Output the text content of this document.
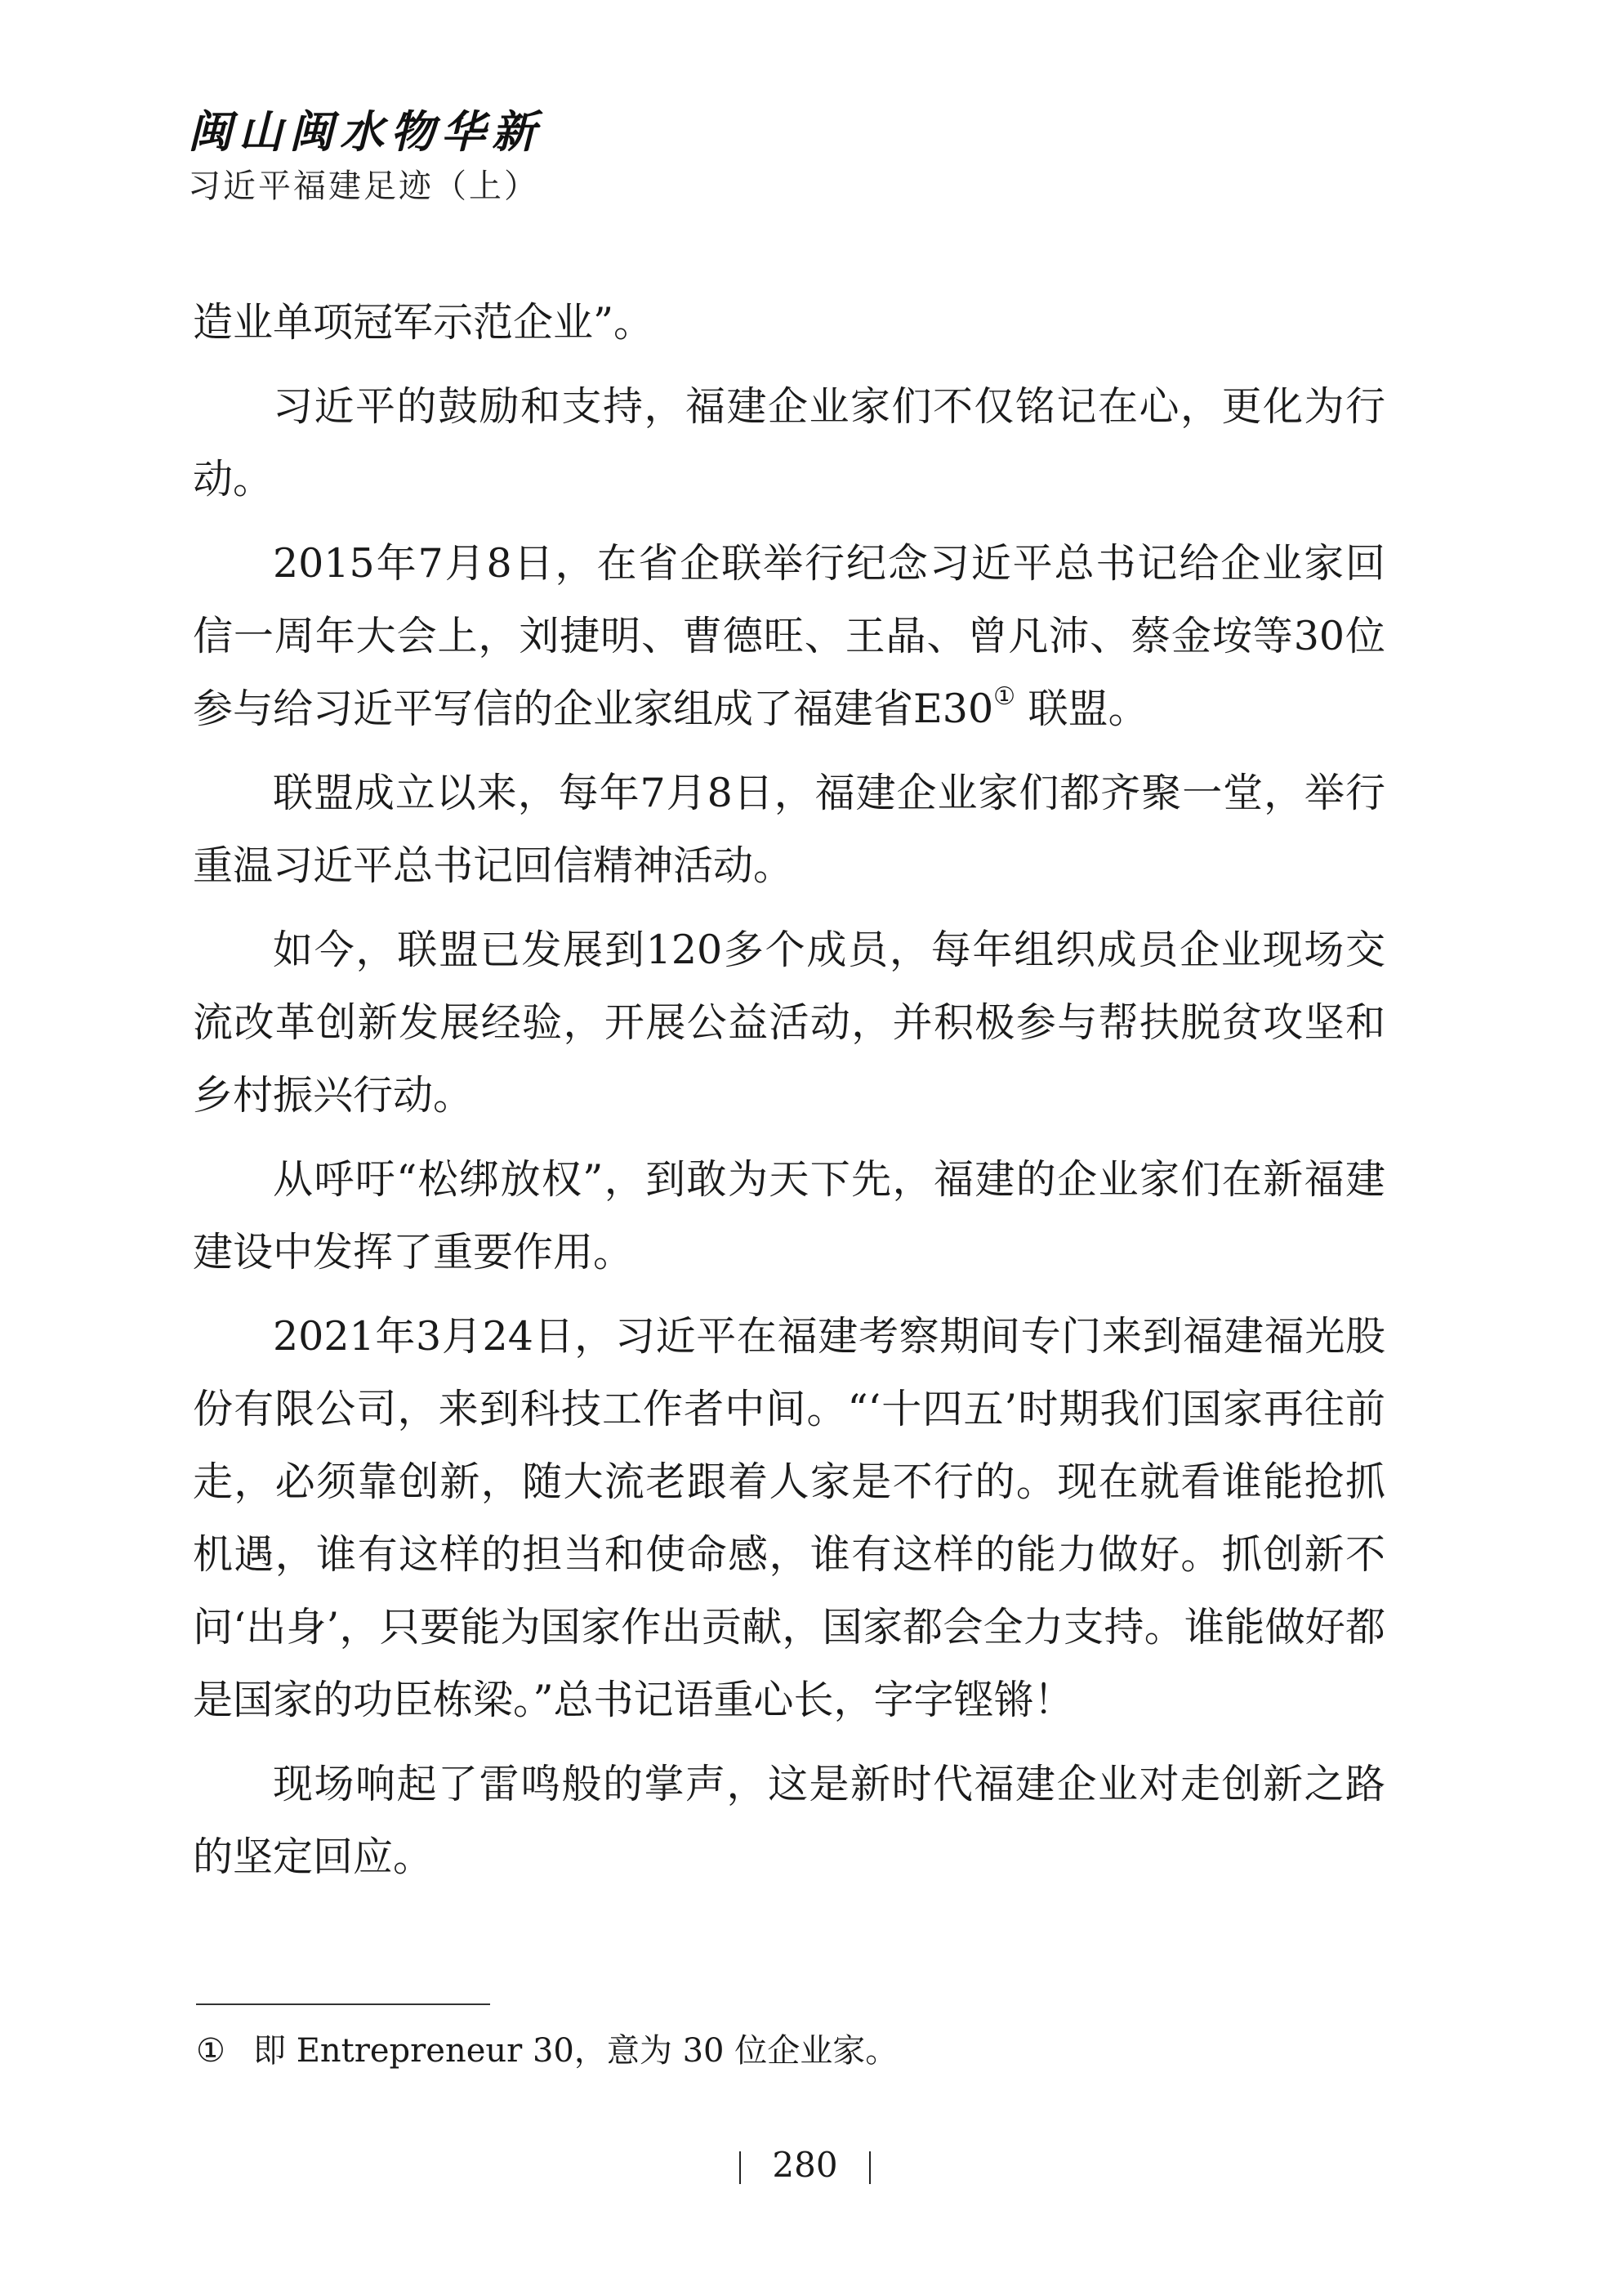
闽山闽水物华新
习近平福建足迹（上）

造业单项冠军示范企业”。

习近平的鼓励和支持，福建企业家们不仅铭记在心，更化为行动。

2015年7月8日，在省企联举行纪念习近平总书记给企业家回信一周年大会上，刘捷明、曹德旺、王晶、曾凡沛、蔡金垵等30位参与给习近平写信的企业家组成了福建省E30① 联盟。

联盟成立以来，每年7月8日，福建企业家们都齐聚一堂，举行重温习近平总书记回信精神活动。

如今，联盟已发展到120多个成员，每年组织成员企业现场交流改革创新发展经验，开展公益活动，并积极参与帮扶脱贫攻坚和乡村振兴行动。

从呼吁“松绑放权”，到敢为天下先，福建的企业家们在新福建建设中发挥了重要作用。

2021年3月24日，习近平在福建考察期间专门来到福建福光股份有限公司，来到科技工作者中间。“‘十四五’时期我们国家再往前走，必须靠创新，随大流老跟着人家是不行的。现在就看谁能抢抓机遇，谁有这样的担当和使命感，谁有这样的能力做好。抓创新不问‘出身’，只要能为国家作出贡献，国家都会全力支持。谁能做好都是国家的功臣栋梁。”总书记语重心长，字字铿锵！

现场响起了雷鸣般的掌声，这是新时代福建企业对走创新之路的坚定回应。

① 即 Entrepreneur 30，意为 30 位企业家。
280
